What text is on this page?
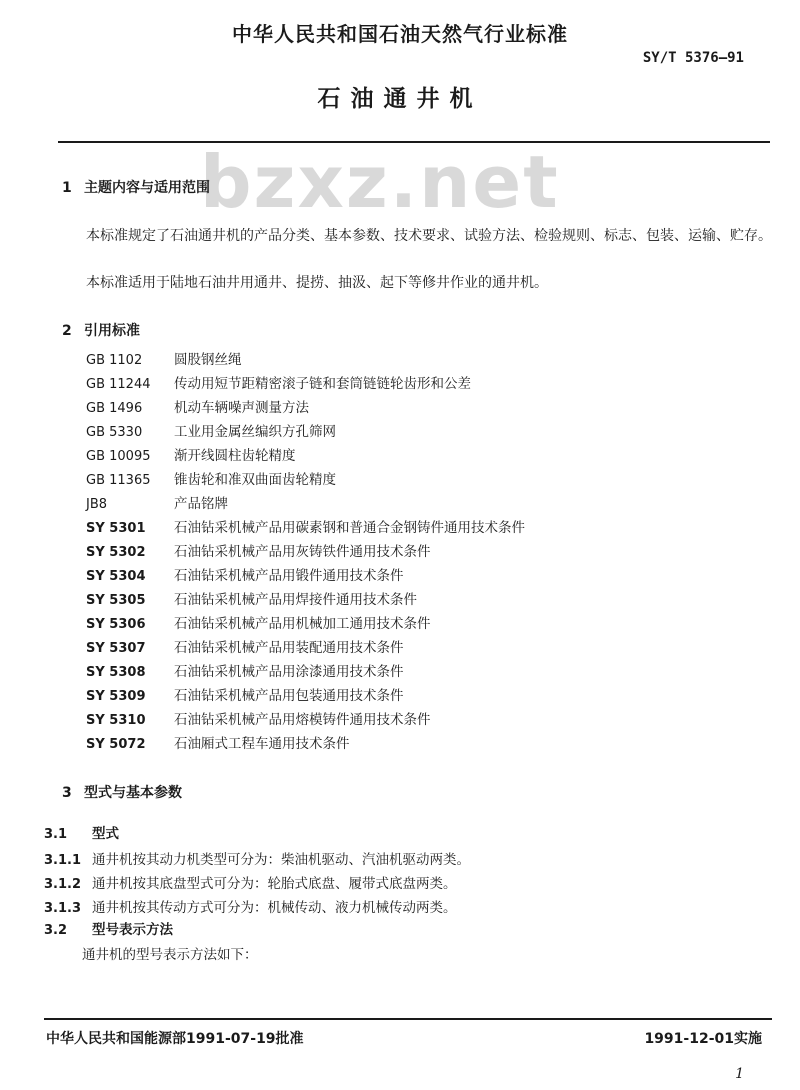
中华人民共和国石油天然气行业标准
SY/T 5376—91
石油通井机
bzxz.net
1 主题内容与适用范围
本标准规定了石油通井机的产品分类、基本参数、技术要求、试验方法、检验规则、标志、包装、运输、贮存。
本标准适用于陆地石油井用通井、提捞、抽汲、起下等修井作业的通井机。
2 引用标准
GB 1102 圆股钢丝绳
GB 11244 传动用短节距精密滚子链和套筒链链轮齿形和公差
GB 1496 机动车辆噪声测量方法
GB 5330 工业用金属丝编织方孔筛网
GB 10095 渐开线圆柱齿轮精度
GB 11365 锥齿轮和准双曲面齿轮精度
JB8	产品铭牌
SY 5301 石油钻采机械产品用碳素钢和普通合金钢铸件通用技术条件
SY 5302 石油钻采机械产品用灰铸铁件通用技术条件
SY 5304 石油钻采机械产品用锻件通用技术条件
SY 5305 石油钻采机械产品用焊接件通用技术条件
SY 5306 石油钻采机械产品用机械加工通用技术条件
SY 5307 石油钻采机械产品用装配通用技术条件
SY 5308 石油钻采机械产品用涂漆通用技术条件
SY 5309 石油钻采机械产品用包装通用技术条件
SY 5310 石油钻采机械产品用熔模铸件通用技术条件
SY 5072 石油厢式工程车通用技术条件
3 型式与基本参数
3.1 型式
3.1.1 通井机按其动力机类型可分为：柴油机驱动、汽油机驱动两类。
3.1.2 通井机按其底盘型式可分为：轮胎式底盘、履带式底盘两类。
3.1.3 通井机按其传动方式可分为：机械传动、液力机械传动两类。
3.2 型号表示方法
通井机的型号表示方法如下：
中华人民共和国能源部1991-07-19批准	1991-12-01实施
1
